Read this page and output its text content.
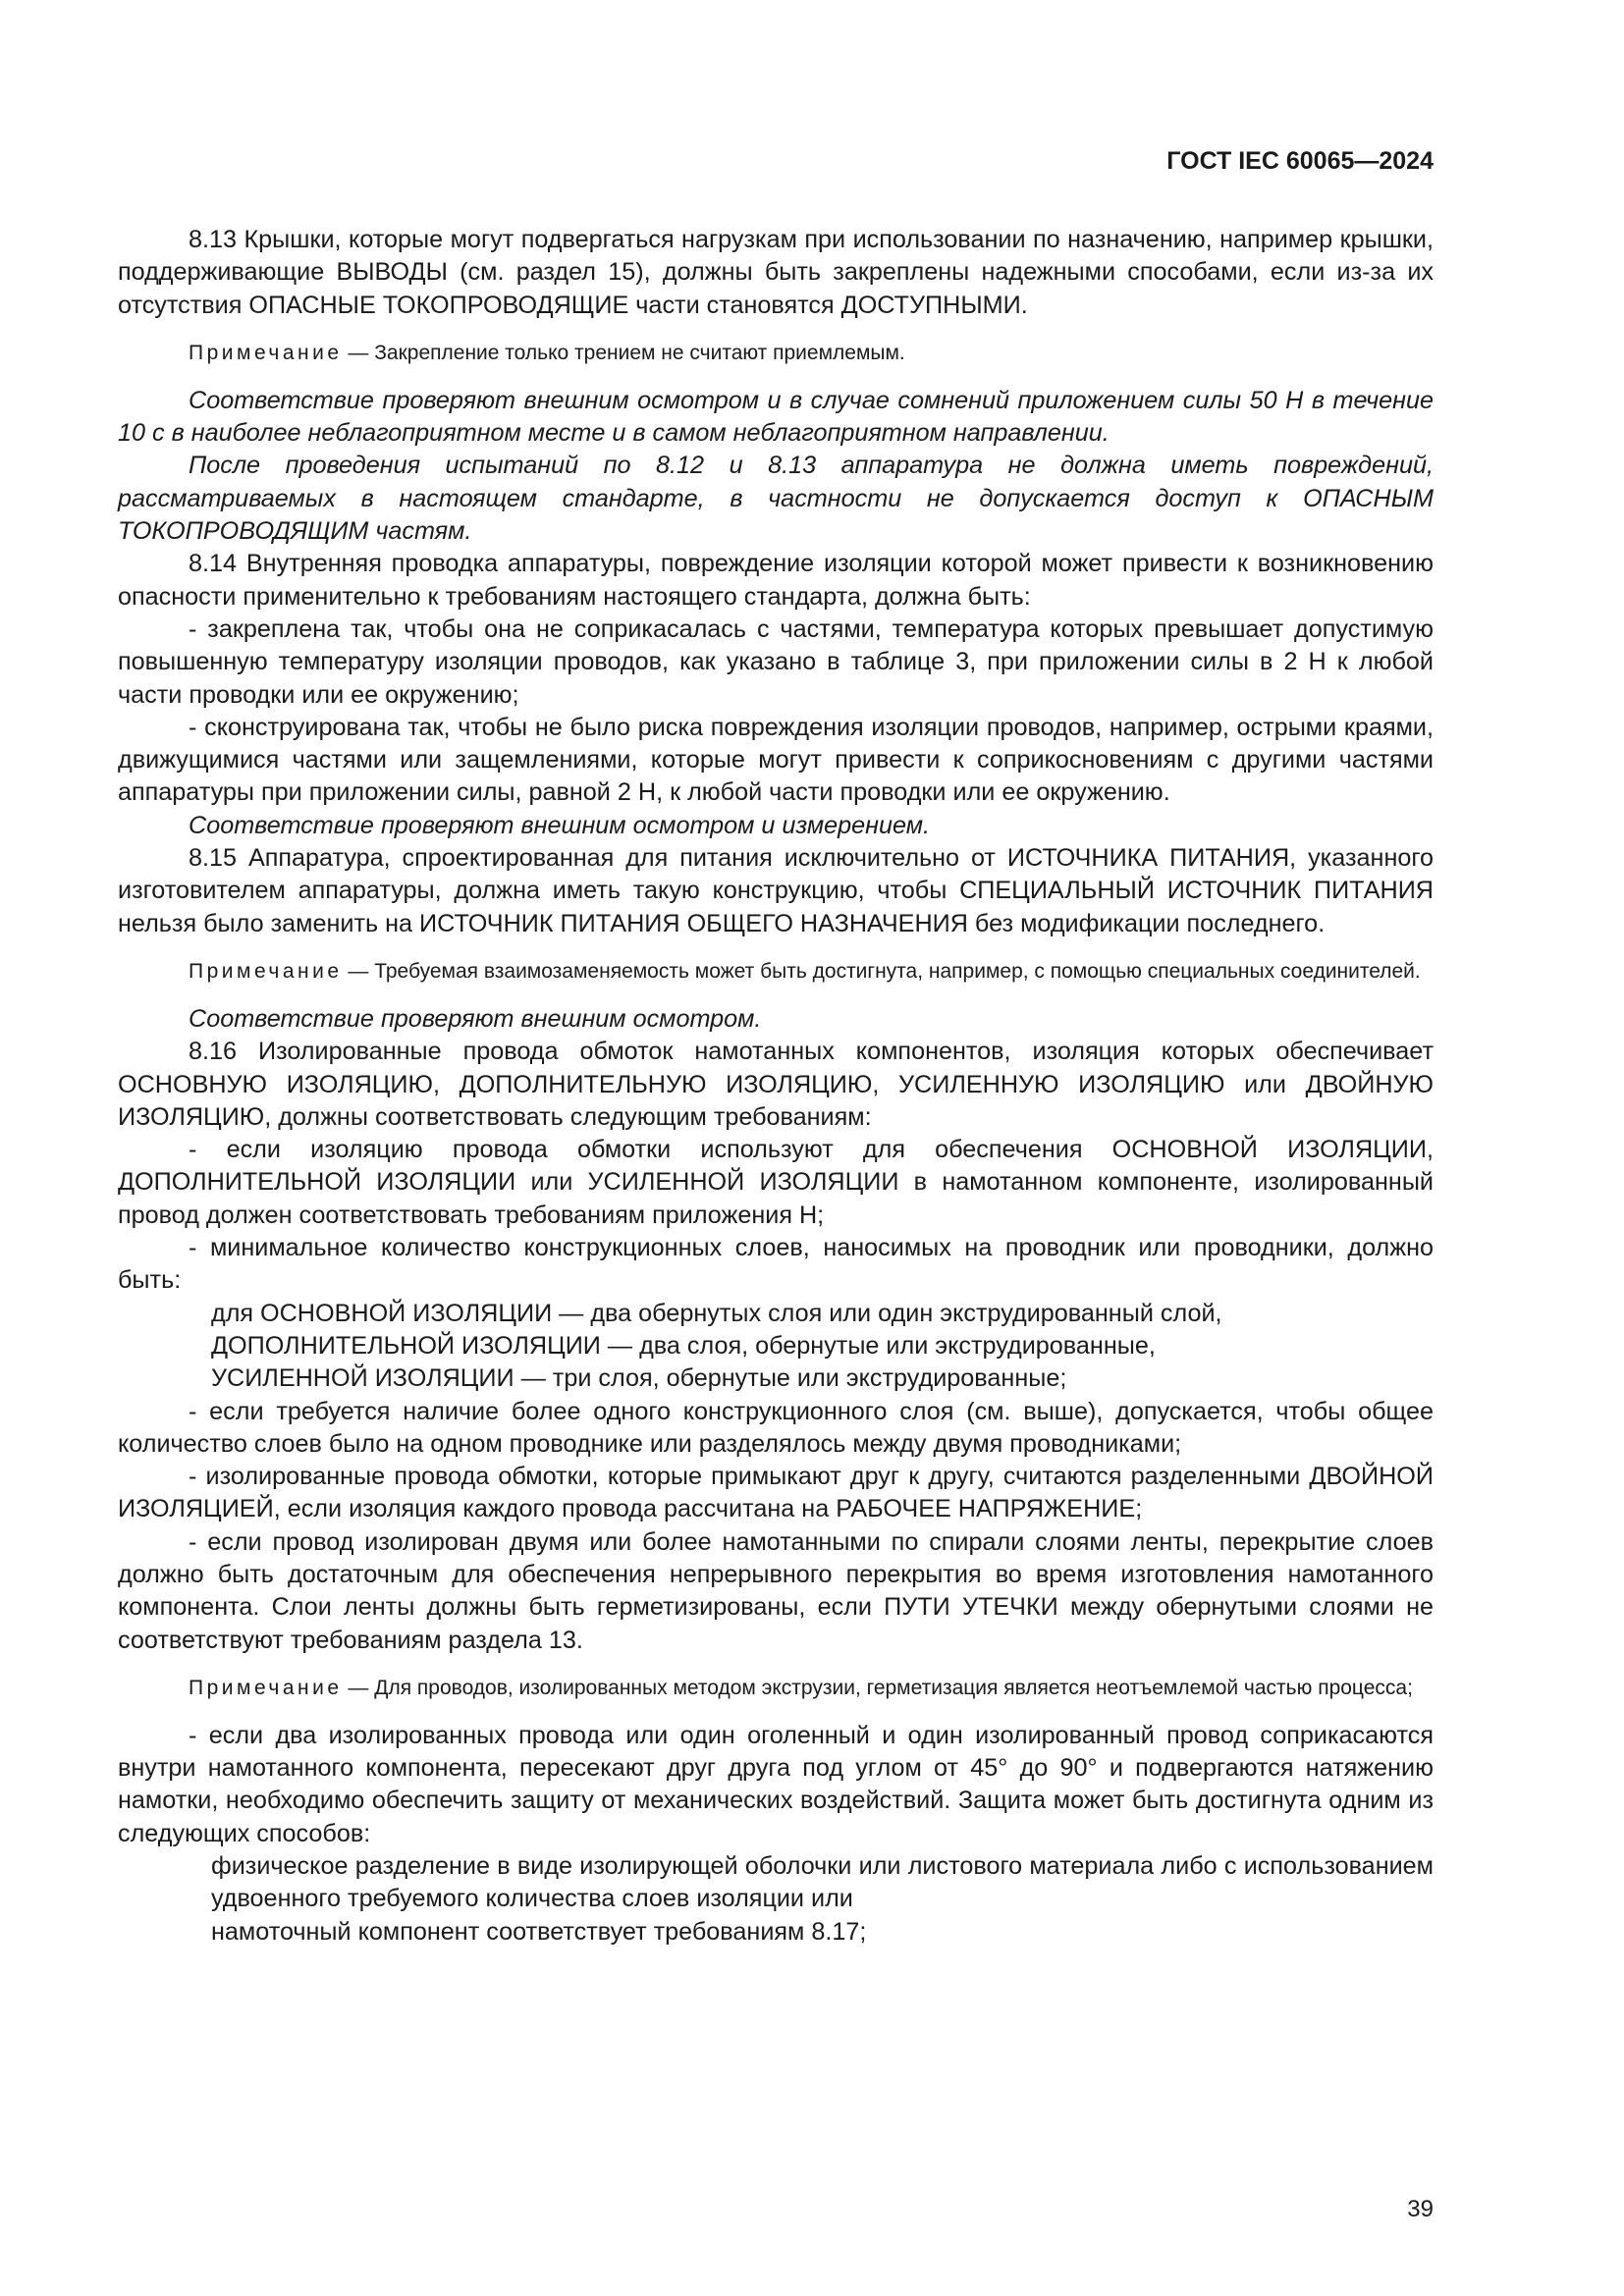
ГОСТ IEC 60065—2024

8.13 Крышки, которые могут подвергаться нагрузкам при использовании по назначению, например крышки, поддерживающие ВЫВОДЫ (см. раздел 15), должны быть закреплены надежными способами, если из-за их отсутствия ОПАСНЫЕ ТОКОПРОВОДЯЩИЕ части становятся ДОСТУПНЫМИ.

Примечание — Закрепление только трением не считают приемлемым.

Соответствие проверяют внешним осмотром и в случае сомнений приложением силы 50 Н в течение 10 с в наиболее неблагоприятном месте и в самом неблагоприятном направлении.

После проведения испытаний по 8.12 и 8.13 аппаратура не должна иметь повреждений, рассматриваемых в настоящем стандарте, в частности не допускается доступ к ОПАСНЫМ ТОКОПРОВОДЯЩИМ частям.

8.14 Внутренняя проводка аппаратуры, повреждение изоляции которой может привести к возникновению опасности применительно к требованиям настоящего стандарта, должна быть:

- закреплена так, чтобы она не соприкасалась с частями, температура которых превышает допустимую повышенную температуру изоляции проводов, как указано в таблице 3, при приложении силы в 2 Н к любой части проводки или ее окружению;

- сконструирована так, чтобы не было риска повреждения изоляции проводов, например, острыми краями, движущимися частями или защемлениями, которые могут привести к соприкосновениям с другими частями аппаратуры при приложении силы, равной 2 Н, к любой части проводки или ее окружению.

Соответствие проверяют внешним осмотром и измерением.

8.15 Аппаратура, спроектированная для питания исключительно от ИСТОЧНИКА ПИТАНИЯ, указанного изготовителем аппаратуры, должна иметь такую конструкцию, чтобы СПЕЦИАЛЬНЫЙ ИСТОЧНИК ПИТАНИЯ нельзя было заменить на ИСТОЧНИК ПИТАНИЯ ОБЩЕГО НАЗНАЧЕНИЯ без модификации последнего.

Примечание — Требуемая взаимозаменяемость может быть достигнута, например, с помощью специальных соединителей.

Соответствие проверяют внешним осмотром.

8.16 Изолированные провода обмоток намотанных компонентов, изоляция которых обеспечивает ОСНОВНУЮ ИЗОЛЯЦИЮ, ДОПОЛНИТЕЛЬНУЮ ИЗОЛЯЦИЮ, УСИЛЕННУЮ ИЗОЛЯЦИЮ или ДВОЙНУЮ ИЗОЛЯЦИЮ, должны соответствовать следующим требованиям:

- если изоляцию провода обмотки используют для обеспечения ОСНОВНОЙ ИЗОЛЯЦИИ, ДОПОЛНИТЕЛЬНОЙ ИЗОЛЯЦИИ или УСИЛЕННОЙ ИЗОЛЯЦИИ в намотанном компоненте, изолированный провод должен соответствовать требованиям приложения Н;

- минимальное количество конструкционных слоев, наносимых на проводник или проводники, должно быть:

для ОСНОВНОЙ ИЗОЛЯЦИИ — два обернутых слоя или один экструдированный слой,

ДОПОЛНИТЕЛЬНОЙ ИЗОЛЯЦИИ — два слоя, обернутые или экструдированные,

УСИЛЕННОЙ ИЗОЛЯЦИИ — три слоя, обернутые или экструдированные;

- если требуется наличие более одного конструкционного слоя (см. выше), допускается, чтобы общее количество слоев было на одном проводнике или разделялось между двумя проводниками;

- изолированные провода обмотки, которые примыкают друг к другу, считаются разделенными ДВОЙНОЙ ИЗОЛЯЦИЕЙ, если изоляция каждого провода рассчитана на РАБОЧЕЕ НАПРЯЖЕНИЕ;

- если провод изолирован двумя или более намотанными по спирали слоями ленты, перекрытие слоев должно быть достаточным для обеспечения непрерывного перекрытия во время изготовления намотанного компонента. Слои ленты должны быть герметизированы, если ПУТИ УТЕЧКИ между обернутыми слоями не соответствуют требованиям раздела 13.

Примечание — Для проводов, изолированных методом экструзии, герметизация является неотъемлемой частью процесса;

- если два изолированных провода или один оголенный и один изолированный провод соприкасаются внутри намотанного компонента, пересекают друг друга под углом от 45° до 90° и подвергаются натяжению намотки, необходимо обеспечить защиту от механических воздействий. Защита может быть достигнута одним из следующих способов:

физическое разделение в виде изолирующей оболочки или листового материала либо с использованием удвоенного требуемого количества слоев изоляции или

намоточный компонент соответствует требованиям 8.17;

39
